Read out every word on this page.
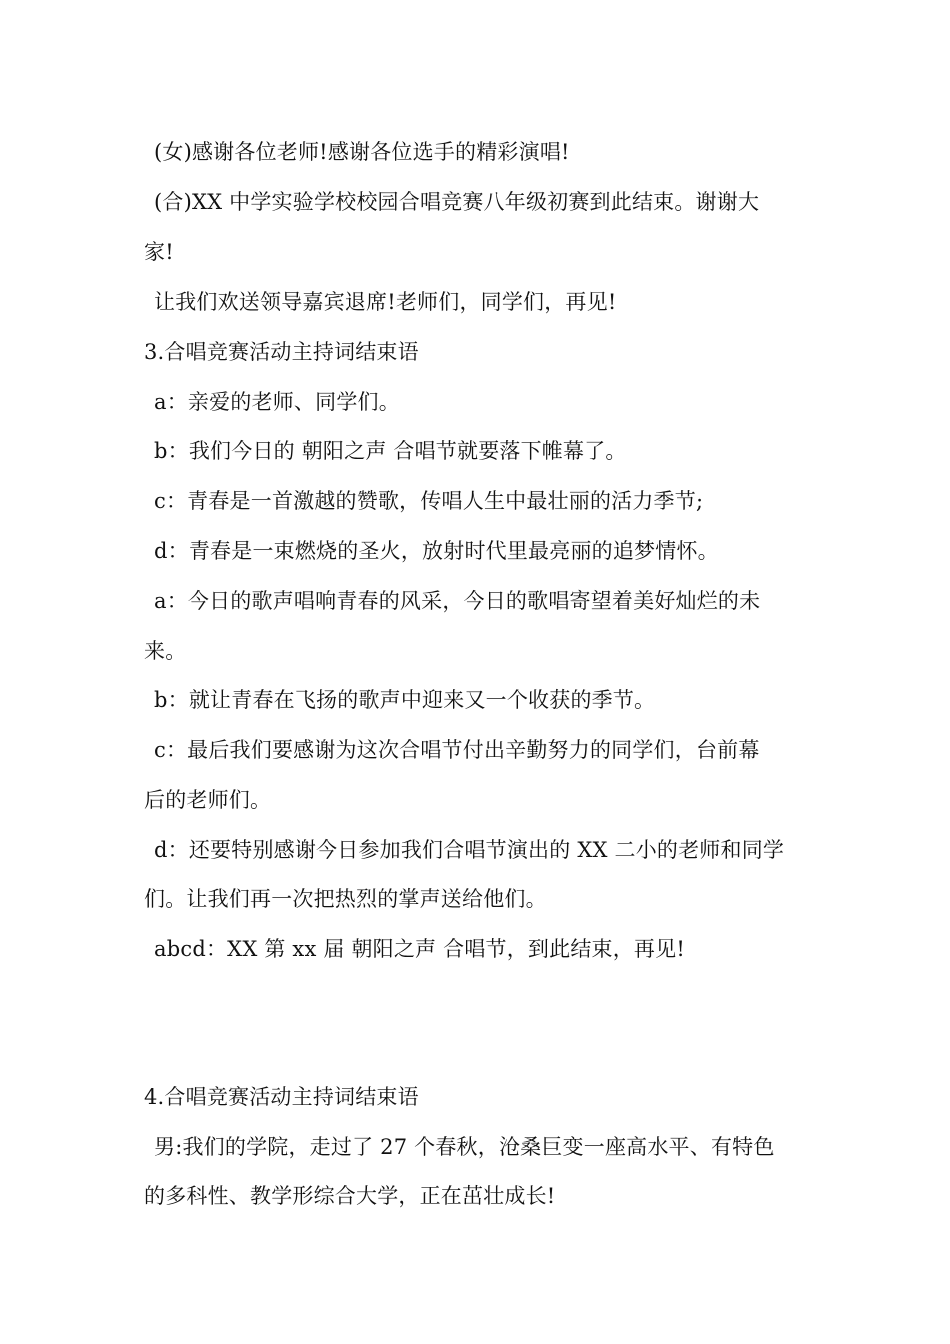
(女)感谢各位老师!感谢各位选手的精彩演唱!
(合)XX 中学实验学校校园合唱竞赛八年级初赛到此结束。谢谢大
家!
让我们欢送领导嘉宾退席!老师们，同学们，再见!
3.合唱竞赛活动主持词结束语
a：亲爱的老师、同学们。
b：我们今日的 朝阳之声 合唱节就要落下帷幕了。
c：青春是一首激越的赞歌，传唱人生中最壮丽的活力季节;
d：青春是一束燃烧的圣火，放射时代里最亮丽的追梦情怀。
a：今日的歌声唱响青春的风采，今日的歌唱寄望着美好灿烂的未
来。
b：就让青春在飞扬的歌声中迎来又一个收获的季节。
c：最后我们要感谢为这次合唱节付出辛勤努力的同学们，台前幕
后的老师们。
d：还要特别感谢今日参加我们合唱节演出的 XX 二小的老师和同学
们。让我们再一次把热烈的掌声送给他们。
abcd：XX 第 xx 届 朝阳之声 合唱节，到此结束，再见!
4.合唱竞赛活动主持词结束语
男:我们的学院，走过了 27 个春秋，沧桑巨变一座高水平、有特色
的多科性、教学形综合大学，正在茁壮成长!
